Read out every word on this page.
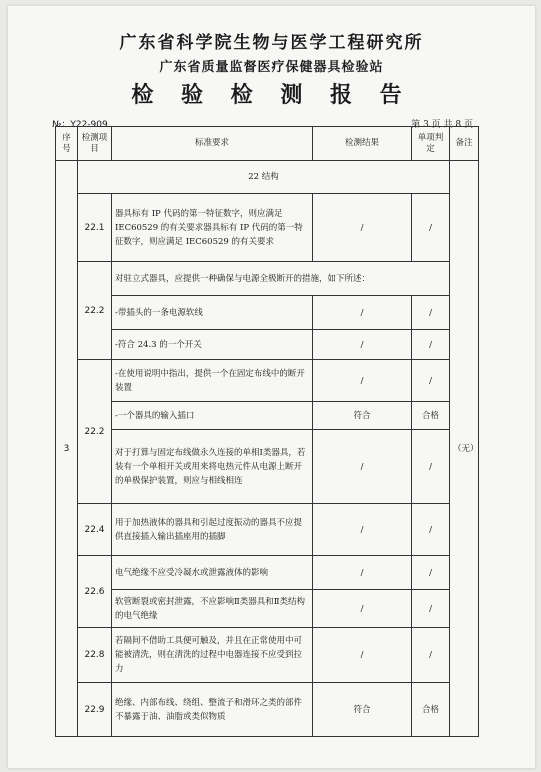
广东省科学院生物与医学工程研究所
广东省质量监督医疗保健器具检验站
检 验 检 测 报 告
№：Y22-909	第 3 页 共 8 页
序号	检测项目	标准要求	检测结果	单项判定	备注
3	22 结构				（无）
	22.1	器具标有 IP 代码的第一特征数字，则应满足 IEC60529 的有关要求器具标有 IP 代码的第一特征数字，则应满足 IEC60529 的有关要求	/	/	
	22.2	对驻立式器具，应提供一种确保与电源全极断开的措施，如下所述：			
		-带插头的一条电源软线	/	/	
		-符合 24.3 的一个开关	/	/	
	22.2	-在使用说明中指出，提供一个在固定布线中的断开装置	/	/	
		-一个器具的输入插口	符合	合格	
		对于打算与固定布线做永久连接的单相Ⅰ类器具，若装有一个单相开关或用来将电热元件从电源上断开的单极保护装置，则应与相线相连	/	/	
	22.4	用于加热液体的器具和引起过度振动的器具不应提供直接插入输出插座用的插脚	/	/	
	22.6	电气绝缘不应受冷凝水或泄露液体的影响	/	/	
		软管断裂或密封泄露，不应影响Ⅱ类器具和Ⅱ类结构的电气绝缘	/	/	
	22.8	若隔间不借助工具便可触及，并且在正常使用中可能被清洗，则在清洗的过程中电器连接不应受到拉力	/	/	
	22.9	绝缘、内部布线、绕组、整流子和滑环之类的部件不暴露于油、油脂或类似物质	符合	合格	
